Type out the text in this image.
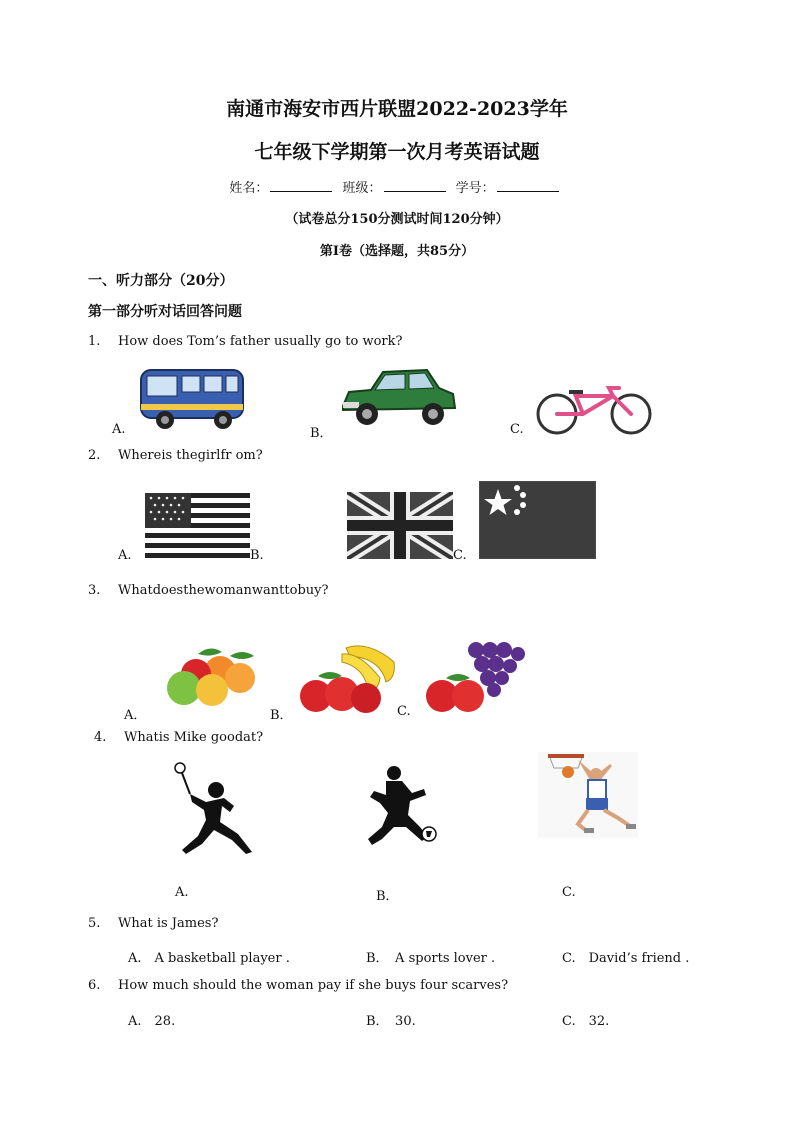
南通市海安市西片联盟2022-2023学年
七年级下学期第一次月考英语试题
姓名：	班级：	学号：
（试卷总分150分测试时间120分钟）
第I卷（选择题，共85分）
一、听力部分（20分）
第一部分听对话回答问题
1. How does Tom’s father usually go to work?
A.	B．	C.
2. Whereis thegirlfr om?
A.	B.	C.
3. Whatdoesthewomanwanttobuy?
A．	B．	C.
4. Whatis Mike goodat?
A.	B．	C.
5. What is James?
A.　A basketball player .	B．　A sports lover .	C.　David’s friend .
6. How much should the woman pay if she buys four scarves?
A.　28.	B．　30.	C.　32.
